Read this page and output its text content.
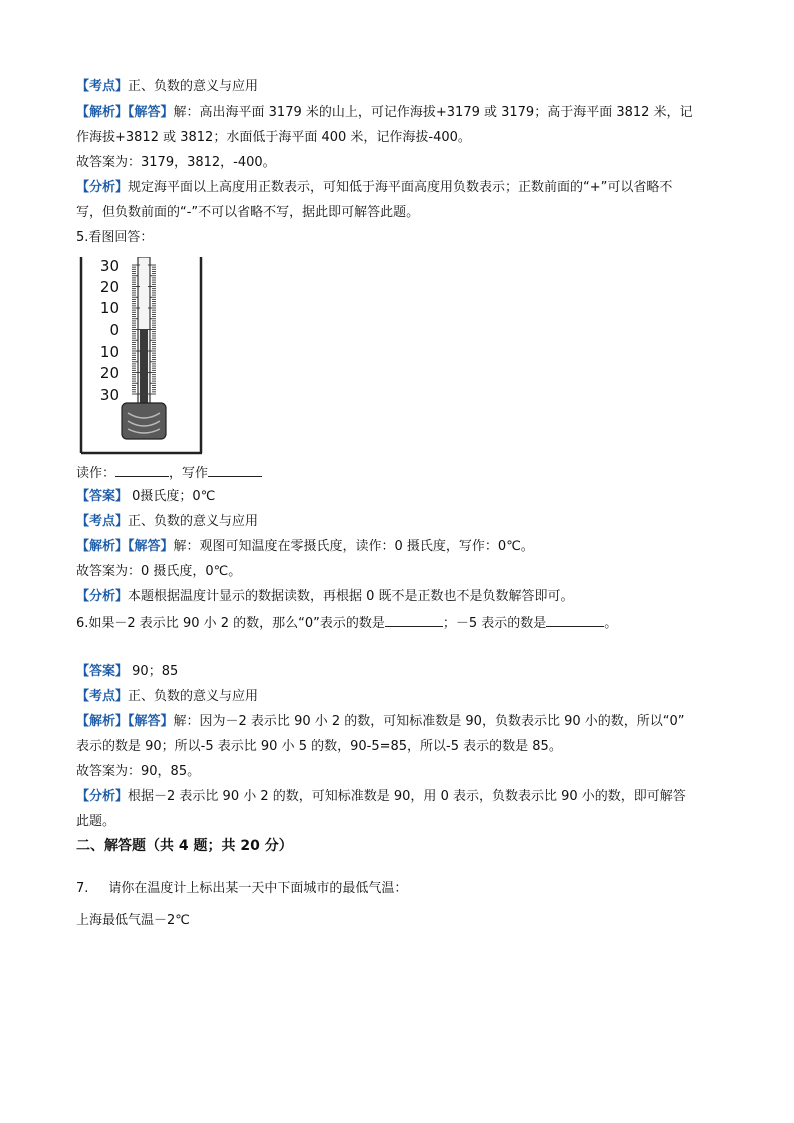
【考点】正、负数的意义与应用
【解析】【解答】解：高出海平面 3179 米的山上，可记作海拔+3179 或 3179；高于海平面 3812 米，记
作海拔+3812 或 3812；水面低于海平面 400 米，记作海拔-400。
故答案为：3179，3812，-400。
【分析】规定海平面以上高度用正数表示，可知低于海平面高度用负数表示；正数前面的“+”可以省略不
写，但负数前面的“-”不可以省略不写，据此即可解答此题。
5.看图回答：
30
20
10
0
10
20
30
读作：	，写作
【答案】 0摄氏度；0℃
【考点】正、负数的意义与应用
【解析】【解答】解：观图可知温度在零摄氏度，读作：0 摄氏度，写作：0℃。
故答案为：0 摄氏度，0℃。
【分析】本题根据温度计显示的数据读数，再根据 0 既不是正数也不是负数解答即可。
6.如果－2 表示比 90 小 2 的数，那么“0”表示的数是	；－5 表示的数是	。
【答案】 90；85
【考点】正、负数的意义与应用
【解析】【解答】解：因为－2 表示比 90 小 2 的数，可知标准数是 90，负数表示比 90 小的数，所以“0”
表示的数是 90；所以-5 表示比 90 小 5 的数，90-5=85，所以-5 表示的数是 85。
故答案为：90，85。
【分析】根据－2 表示比 90 小 2 的数，可知标准数是 90，用 0 表示，负数表示比 90 小的数，即可解答
此题。
二、解答题（共 4 题；共 20 分）
7. 请你在温度计上标出某一天中下面城市的最低气温：
上海最低气温－2℃
